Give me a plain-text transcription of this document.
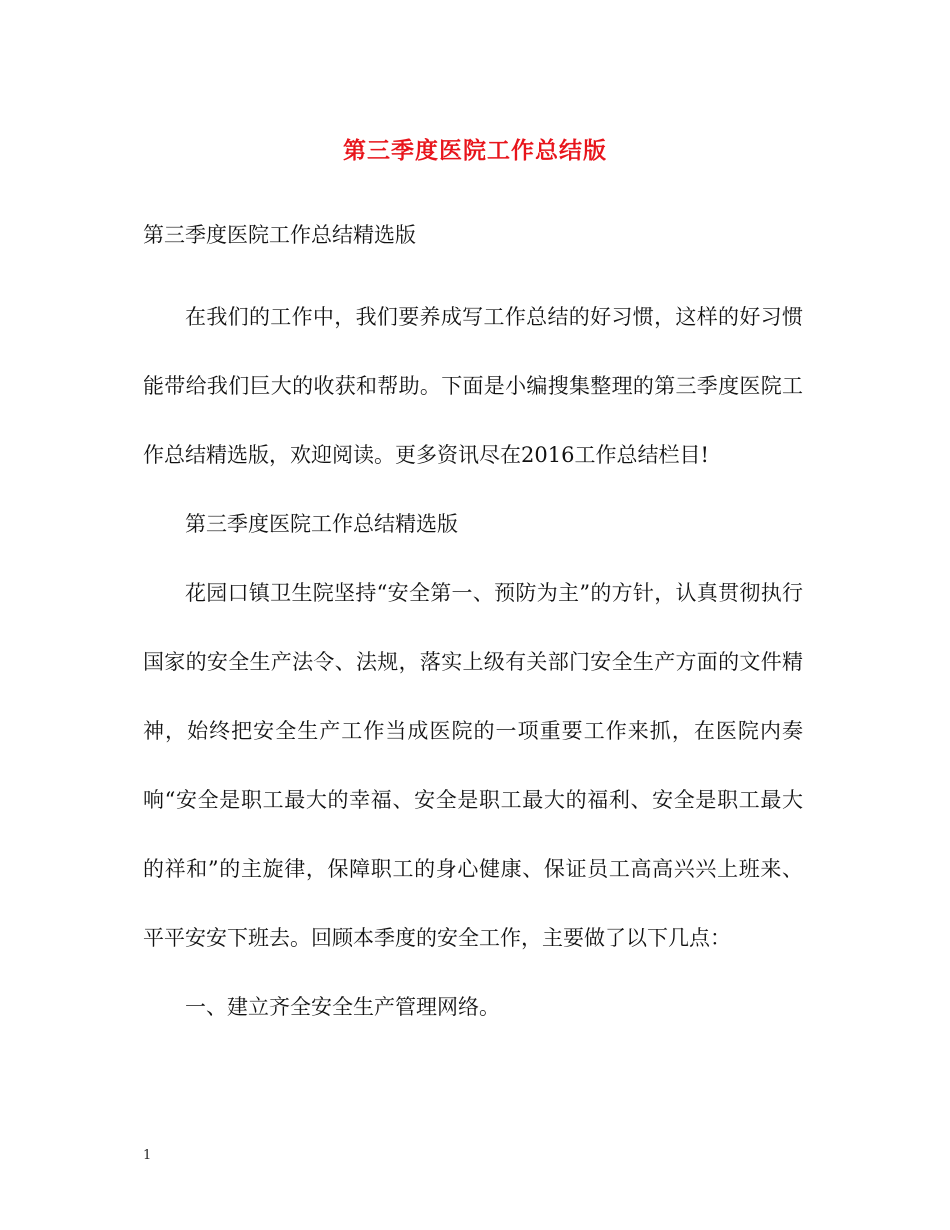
第三季度医院工作总结版
第三季度医院工作总结精选版

在我们的工作中，我们要养成写工作总结的好习惯，这样的好习惯能带给我们巨大的收获和帮助。下面是小编搜集整理的第三季度医院工作总结精选版，欢迎阅读。更多资讯尽在2016工作总结栏目!

第三季度医院工作总结精选版

花园口镇卫生院坚持“安全第一、预防为主”的方针，认真贯彻执行国家的安全生产法令、法规，落实上级有关部门安全生产方面的文件精神，始终把安全生产工作当成医院的一项重要工作来抓，在医院内奏响“安全是职工最大的幸福、安全是职工最大的福利、安全是职工最大的祥和”的主旋律，保障职工的身心健康、保证员工高高兴兴上班来、平平安安下班去。回顾本季度的安全工作，主要做了以下几点：

一、建立齐全安全生产管理网络。

1
